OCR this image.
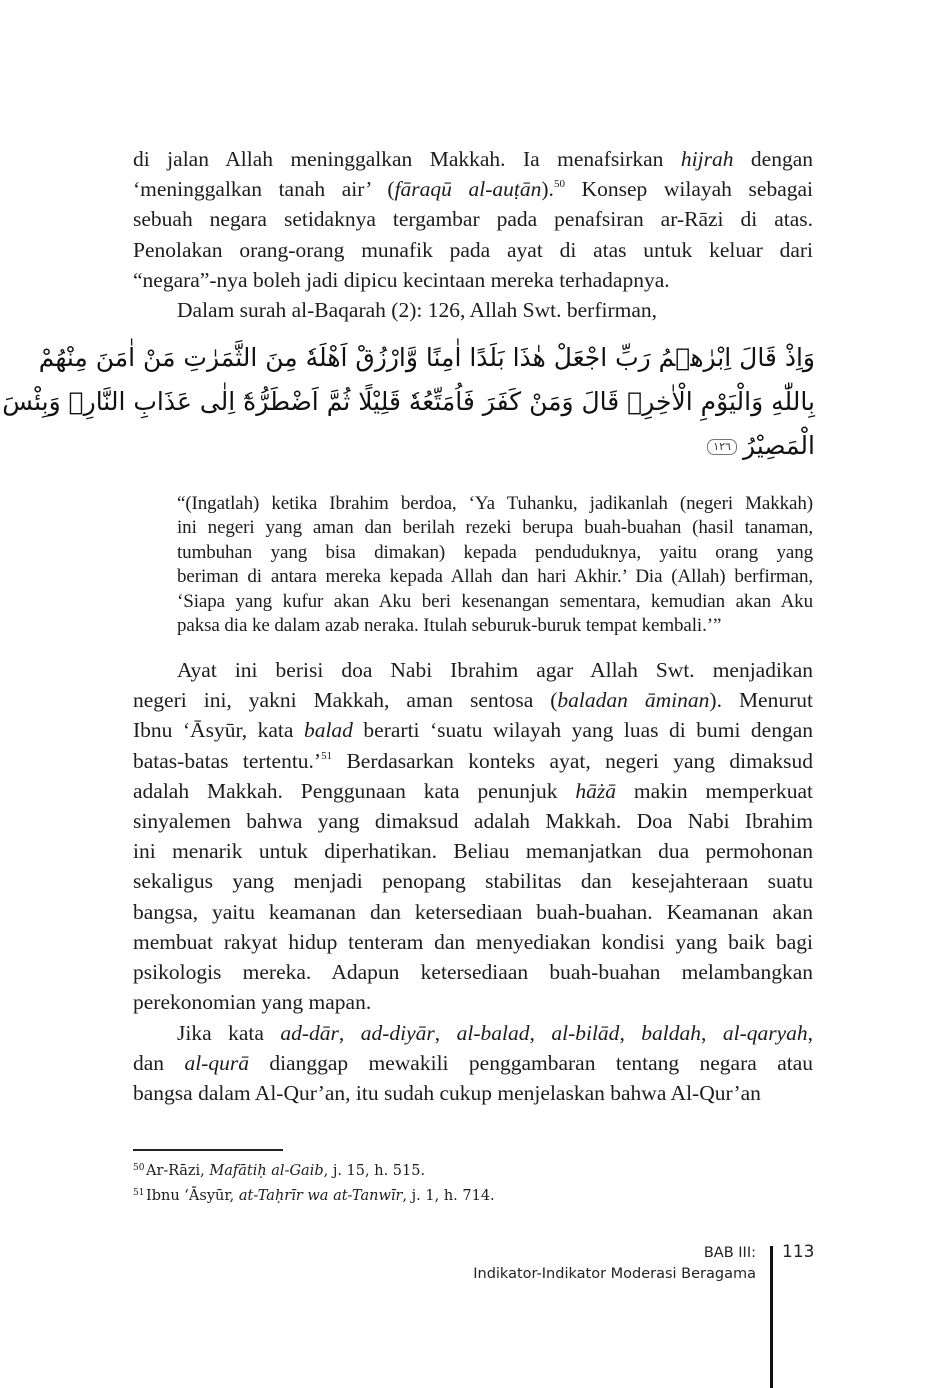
di jalan Allah meninggalkan Makkah. Ia menafsirkan hijrah dengan
‘meninggalkan tanah air’ (fāraqū al-auṭān).$^{50}$ Konsep wilayah sebagai
sebuah negara setidaknya tergambar pada penafsiran ar-Rāzi di atas.
Penolakan orang-orang munafik pada ayat di atas untuk keluar dari
“negara”-nya boleh jadi dipicu kecintaan mereka terhadapnya.
Dalam surah al-Baqarah (2): 126, Allah Swt. berfirman,
وَاِذْ قَالَ اِبْرٰهٖمُ رَبِّ اجْعَلْ هٰذَا بَلَدًا اٰمِنًا وَّارْزُقْ اَهْلَهٗ مِنَ الثَّمَرٰتِ مَنْ اٰمَنَ مِنْهُمْ
بِاللّٰهِ وَالْيَوْمِ الْاٰخِرِۗ قَالَ وَمَنْ كَفَرَ فَاُمَتِّعُهٗ قَلِيْلًا ثُمَّ اَضْطَرُّهٗٓ اِلٰى عَذَابِ النَّارِۗ وَبِئْسَ
الْمَصِيْرُ١٢٦
“(Ingatlah) ketika Ibrahim berdoa, ‘Ya Tuhanku, jadikanlah (negeri Makkah)
ini negeri yang aman dan berilah rezeki berupa buah-buahan (hasil tanaman,
tumbuhan yang bisa dimakan) kepada penduduknya, yaitu orang yang
beriman di antara mereka kepada Allah dan hari Akhir.’ Dia (Allah) berfirman,
‘Siapa yang kufur akan Aku beri kesenangan sementara, kemudian akan Aku
paksa dia ke dalam azab neraka. Itulah seburuk-buruk tempat kembali.’”
Ayat ini berisi doa Nabi Ibrahim agar Allah Swt. menjadikan
negeri ini, yakni Makkah, aman sentosa (baladan āminan). Menurut
Ibnu ‘Āsyūr, kata balad berarti ‘suatu wilayah yang luas di bumi dengan
batas-batas tertentu.’$^{51}$ Berdasarkan konteks ayat, negeri yang dimaksud
adalah Makkah. Penggunaan kata penunjuk hāżā makin memperkuat
sinyalemen bahwa yang dimaksud adalah Makkah. Doa Nabi Ibrahim
ini menarik untuk diperhatikan. Beliau memanjatkan dua permohonan
sekaligus yang menjadi penopang stabilitas dan kesejahteraan suatu
bangsa, yaitu keamanan dan ketersediaan buah-buahan. Keamanan akan
membuat rakyat hidup tenteram dan menyediakan kondisi yang baik bagi
psikologis mereka. Adapun ketersediaan buah-buahan melambangkan
perekonomian yang mapan.
Jika kata ad-dār, ad-diyār, al-balad, al-bilād, baldah, al-qaryah,
dan al-qurā dianggap mewakili penggambaran tentang negara atau
bangsa dalam Al-Qur’an, itu sudah cukup menjelaskan bahwa Al-Qur’an
50 Ar-Rāzi, Mafātiḥ al-Gaib, j. 15, h. 515.
51 Ibnu ‘Āsyūr, at-Taḥrīr wa at-Tanwīr, j. 1, h. 714.
BAB III:
Indikator-Indikator Moderasi Beragama
113
